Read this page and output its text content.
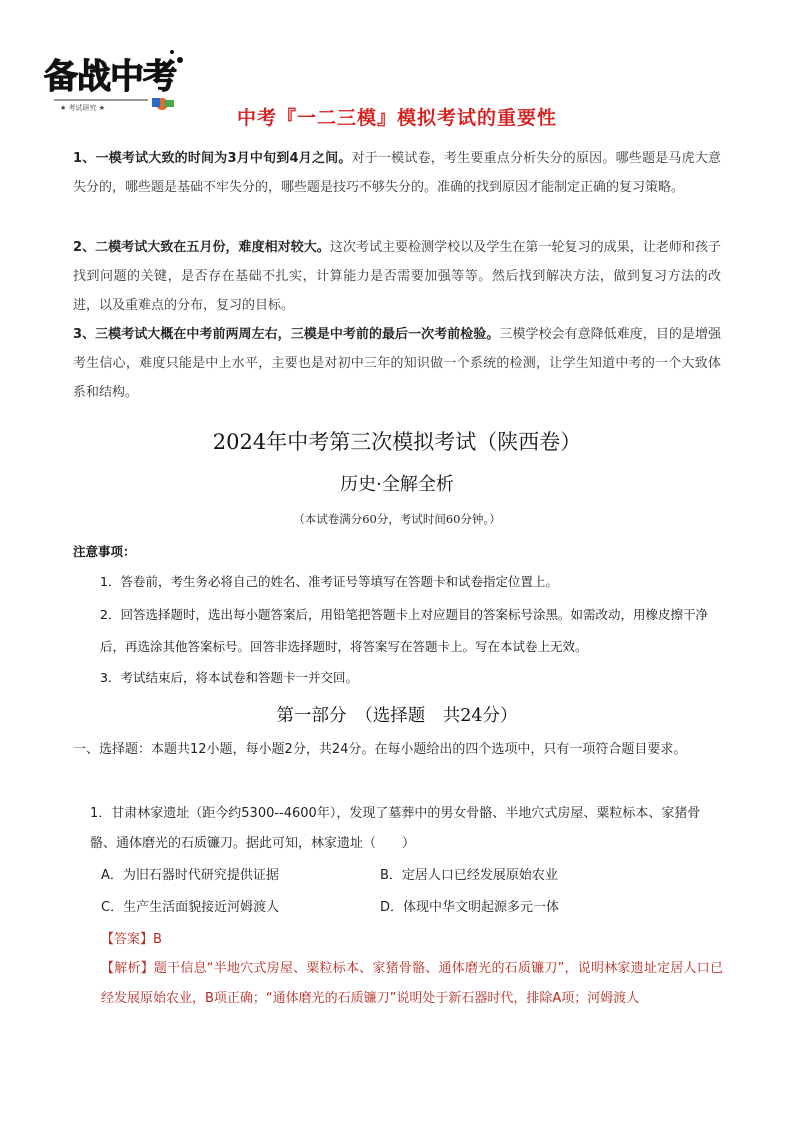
备战中考
★ 考试研究 ★	中考『一二三模』模拟考试的重要性
1、一模考试大致的时间为3月中旬到4月之间。对于一模试卷，考生要重点分析失分的原因。哪些题是马虎大意失分的，哪些题是基础不牢失分的，哪些题是技巧不够失分的。准确的找到原因才能制定正确的复习策略。
2、二模考试大致在五月份，难度相对较大。这次考试主要检测学校以及学生在第一轮复习的成果，让老师和孩子找到问题的关键，是否存在基础不扎实，计算能力是否需要加强等等。然后找到解决方法，做到复习方法的改进，以及重难点的分布，复习的目标。
3、三模考试大概在中考前两周左右，三模是中考前的最后一次考前检验。三模学校会有意降低难度，目的是增强考生信心，难度只能是中上水平，主要也是对初中三年的知识做一个系统的检测，让学生知道中考的一个大致体系和结构。
2024年中考第三次模拟考试（陕西卷）
历史·全解全析
（本试卷满分60分，考试时间60分钟。）
注意事项：
1．答卷前，考生务必将自己的姓名、准考证号等填写在答题卡和试卷指定位置上。
2．回答选择题时，选出每小题答案后，用铅笔把答题卡上对应题目的答案标号涂黑。如需改动，用橡皮擦干净后，再选涂其他答案标号。回答非选择题时，将答案写在答题卡上。写在本试卷上无效。
3．考试结束后，将本试卷和答题卡一并交回。
第一部分　（选择题　共24分）
一、选择题：本题共12小题，每小题2分，共24分。在每小题给出的四个选项中，只有一项符合题目要求。
1．甘肃林家遗址（距今约5300--4600年），发现了墓葬中的男女骨骼、半地穴式房屋、粟粒标本、家猪骨骼、通体磨光的石质镰刀。据此可知，林家遗址（　　）
A．为旧石器时代研究提供证据	B．定居人口已经发展原始农业
C．生产生活面貌接近河姆渡人	D．体现中华文明起源多元一体
【答案】B
【解析】题干信息“半地穴式房屋、粟粒标本、家猪骨骼、通体磨光的石质镰刀”，说明林家遗址定居人口已经发展原始农业，B项正确；“通体磨光的石质镰刀”说明处于新石器时代，排除A项；河姆渡人
